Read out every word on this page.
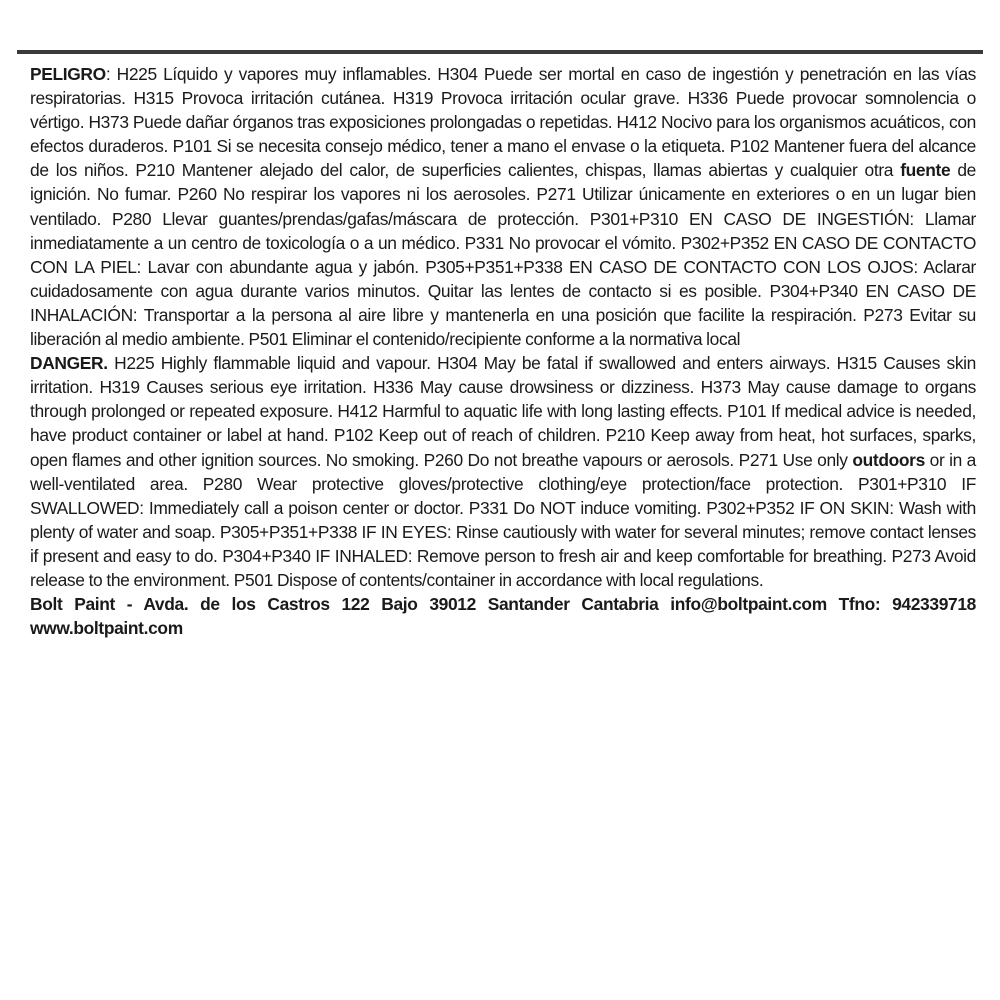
PELIGRO: H225 Líquido y vapores muy inflamables. H304 Puede ser mortal en caso de ingestión y penetración en las vías respiratorias. H315 Provoca irritación cutánea. H319 Provoca irritación ocular grave. H336 Puede provocar somnolencia o vértigo. H373 Puede dañar órganos tras exposiciones prolongadas o repetidas. H412 Nocivo para los organismos acuáticos, con efectos duraderos. P101 Si se necesita consejo médico, tener a mano el envase o la etiqueta. P102 Mantener fuera del alcance de los niños. P210 Mantener alejado del calor, de superficies calientes, chispas, llamas abiertas y cualquier otra fuente de ignición. No fumar. P260 No respirar los vapores ni los aerosoles. P271 Utilizar únicamente en exteriores o en un lugar bien ventilado. P280 Llevar guantes/prendas/gafas/máscara de protección. P301+P310 EN CASO DE INGESTIÓN: Llamar inmediatamente a un centro de toxicología o a un médico. P331 No provocar el vómito. P302+P352 EN CASO DE CONTACTO CON LA PIEL: Lavar con abundante agua y jabón. P305+P351+P338 EN CASO DE CONTACTO CON LOS OJOS: Aclarar cuidadosamente con agua durante varios minutos. Quitar las lentes de contacto si es posible. P304+P340 EN CASO DE INHALACIÓN: Transportar a la persona al aire libre y mantenerla en una posición que facilite la respiración. P273 Evitar su liberación al medio ambiente. P501 Eliminar el contenido/recipiente conforme a la normativa local

DANGER. H225 Highly flammable liquid and vapour. H304 May be fatal if swallowed and enters airways. H315 Causes skin irritation. H319 Causes serious eye irritation. H336 May cause drowsiness or dizziness. H373 May cause damage to organs through prolonged or repeated exposure. H412 Harmful to aquatic life with long lasting effects. P101 If medical advice is needed, have product container or label at hand. P102 Keep out of reach of children. P210 Keep away from heat, hot surfaces, sparks, open flames and other ignition sources. No smoking. P260 Do not breathe vapours or aerosols. P271 Use only outdoors or in a well-ventilated area. P280 Wear protective gloves/protective clothing/eye protection/face protection. P301+P310 IF SWALLOWED: Immediately call a poison center or doctor. P331 Do NOT induce vomiting. P302+P352 IF ON SKIN: Wash with plenty of water and soap. P305+P351+P338 IF IN EYES: Rinse cautiously with water for several minutes; remove contact lenses if present and easy to do. P304+P340 IF INHALED: Remove person to fresh air and keep comfortable for breathing. P273 Avoid release to the environment. P501 Dispose of contents/container in accordance with local regulations.

Bolt Paint - Avda. de los Castros 122 Bajo 39012 Santander Cantabria info@boltpaint.com Tfno: 942339718 www.boltpaint.com
